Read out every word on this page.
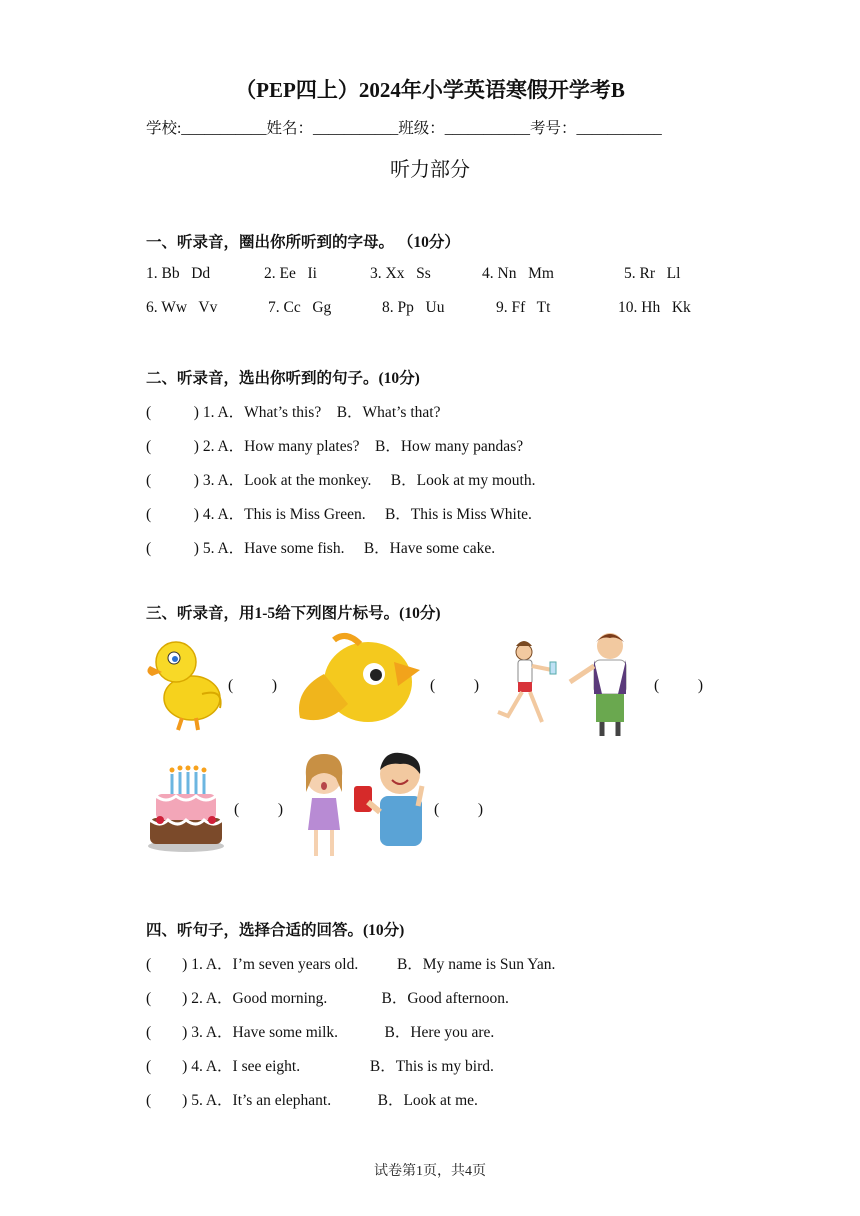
（PEP四上）2024年小学英语寒假开学考B
学校:___________姓名：___________班级：___________考号：___________
听力部分
一、听录音，圈出你所听到的字母。 （10分）
1. Bb   Dd	2. Ee   Ii	3. Xx   Ss	4. Nn   Mm	5. Rr   Ll
6. Ww   Vv	7. Cc   Gg	8. Pp   Uu	9. Ff   Tt	10. Hh   Kk
二、听录音，选出你听到的句子。(10分)
(           ) 1. A．What’s this?    B．What’s that?
(           ) 2. A．How many plates?    B．How many pandas?
(           ) 3. A．Look at the monkey.     B．Look at my mouth.
(           ) 4. A．This is Miss Green.     B．This is Miss White.
(           ) 5. A．Have some fish.     B．Have some cake.
三、听录音，用1-5给下列图片标号。(10分)
(          )	(          )	(          )
(          )	(          )
四、听句子，选择合适的回答。(10分)
(        ) 1. A．I’m seven years old.          B．My name is Sun Yan.
(        ) 2. A．Good morning.              B．Good afternoon.
(        ) 3. A．Have some milk.            B．Here you are.
(        ) 4. A．I see eight.                  B．This is my bird.
(        ) 5. A．It’s an elephant.            B．Look at me.
试卷第1页，共4页
